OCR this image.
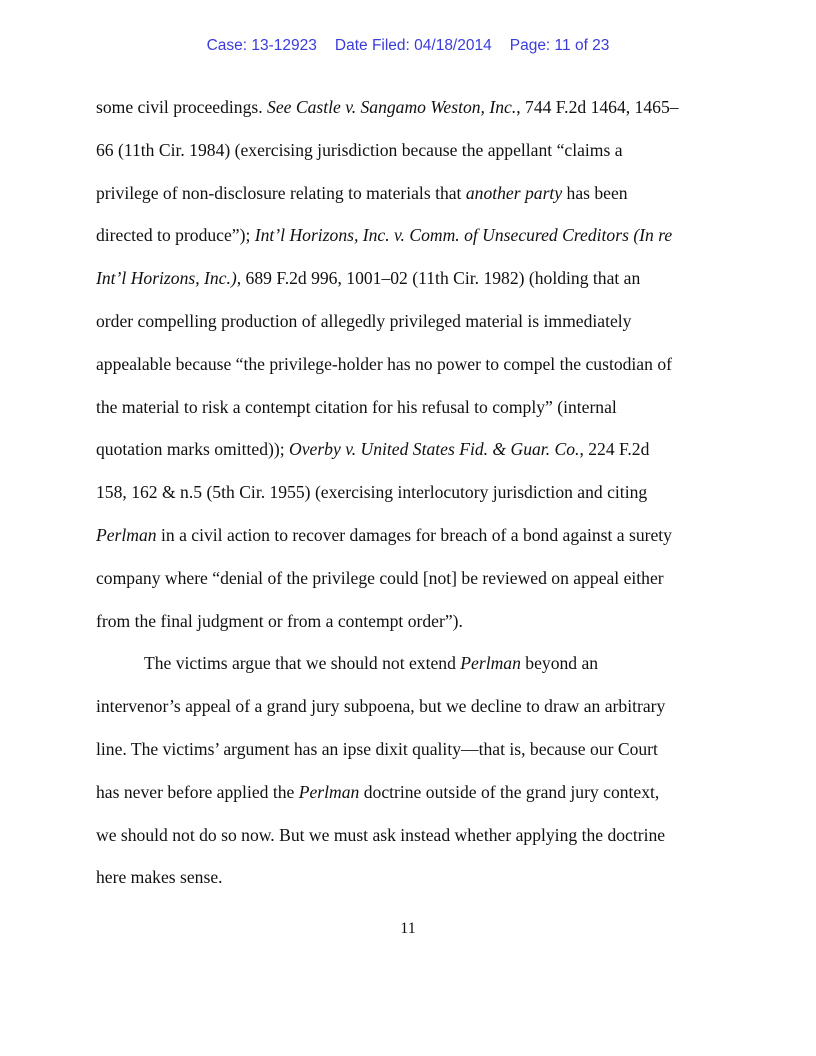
Case: 13-12923 Date Filed: 04/18/2014 Page: 11 of 23
some civil proceedings. See Castle v. Sangamo Weston, Inc., 744 F.2d 1464, 1465–
66 (11th Cir. 1984) (exercising jurisdiction because the appellant “claims a
privilege of non-disclosure relating to materials that another party has been
directed to produce”); Int’l Horizons, Inc. v. Comm. of Unsecured Creditors (In re
Int’l Horizons, Inc.), 689 F.2d 996, 1001–02 (11th Cir. 1982) (holding that an
order compelling production of allegedly privileged material is immediately
appealable because “the privilege-holder has no power to compel the custodian of
the material to risk a contempt citation for his refusal to comply” (internal
quotation marks omitted)); Overby v. United States Fid. & Guar. Co., 224 F.2d
158, 162 & n.5 (5th Cir. 1955) (exercising interlocutory jurisdiction and citing
Perlman in a civil action to recover damages for breach of a bond against a surety
company where “denial of the privilege could [not] be reviewed on appeal either
from the final judgment or from a contempt order”).
The victims argue that we should not extend Perlman beyond an
intervenor’s appeal of a grand jury subpoena, but we decline to draw an arbitrary
line. The victims’ argument has an ipse dixit quality—that is, because our Court
has never before applied the Perlman doctrine outside of the grand jury context,
we should not do so now. But we must ask instead whether applying the doctrine
here makes sense.
11
